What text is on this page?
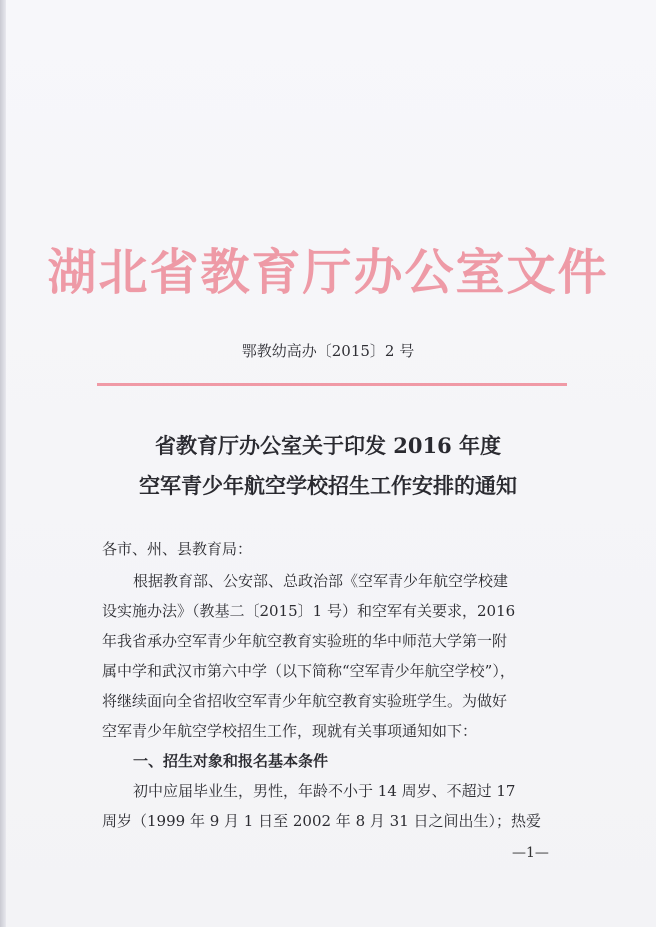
湖北省教育厅办公室文件
鄂教幼高办〔2015〕2 号
省教育厅办公室关于印发 2016 年度
空军青少年航空学校招生工作安排的通知
各市、州、县教育局：
根据教育部、公安部、总政治部《空军青少年航空学校建
设实施办法》（教基二〔2015〕1 号）和空军有关要求，2016
年我省承办空军青少年航空教育实验班的华中师范大学第一附
属中学和武汉市第六中学（以下简称“空军青少年航空学校”），
将继续面向全省招收空军青少年航空教育实验班学生。为做好
空军青少年航空学校招生工作，现就有关事项通知如下：
一、招生对象和报名基本条件
初中应届毕业生，男性，年龄不小于 14 周岁、不超过 17
周岁（1999 年 9 月 1 日至 2002 年 8 月 31 日之间出生）；热爱
—1—
